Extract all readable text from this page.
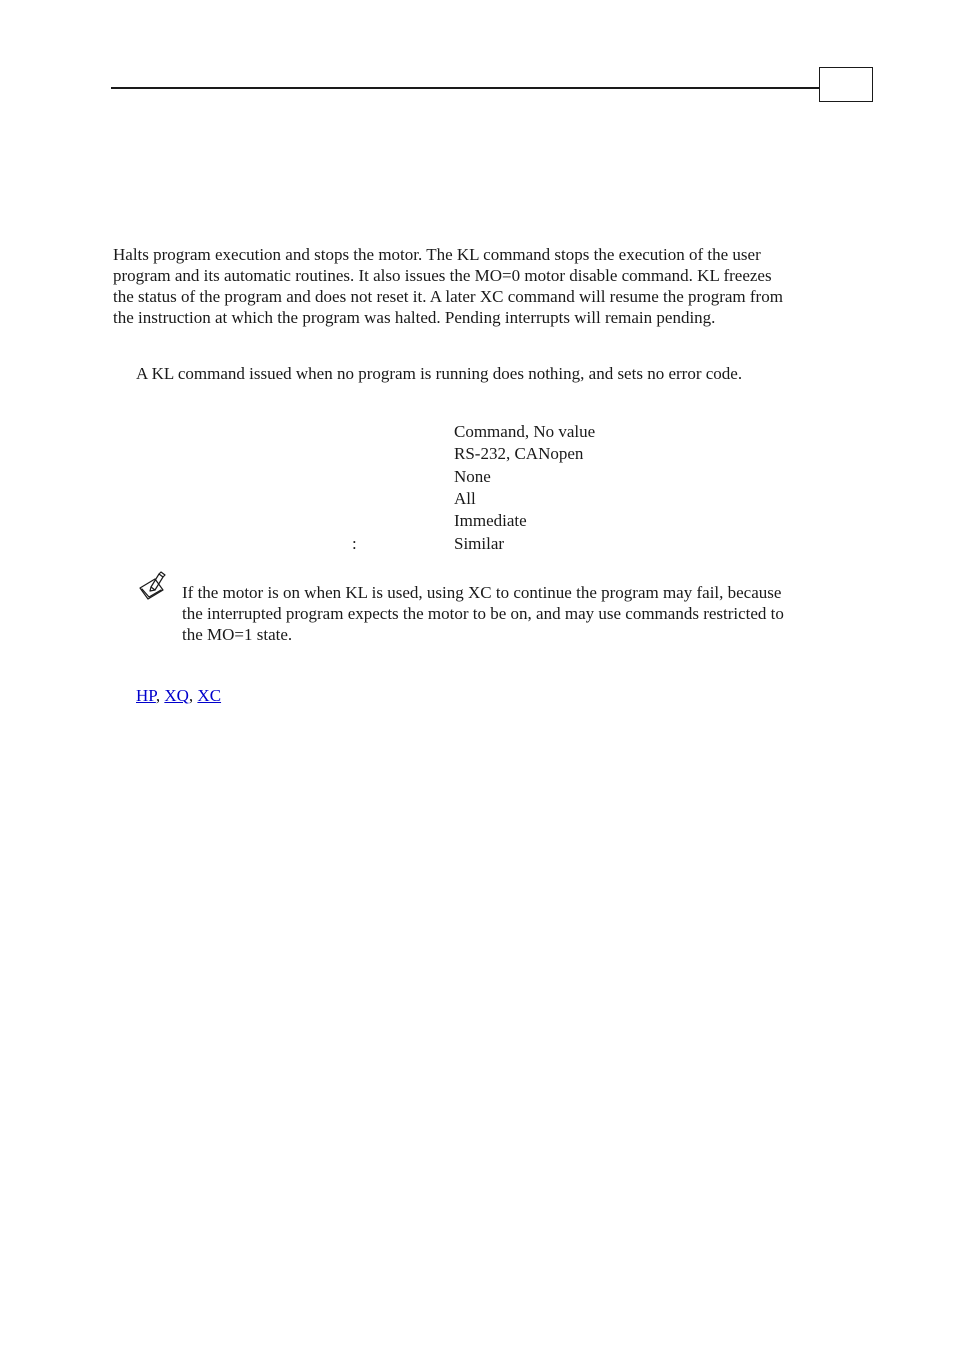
Halts program execution and stops the motor. The KL command stops the execution of the user program and its automatic routines. It also issues the MO=0 motor disable command. KL freezes the status of the program and does not reset it. A later XC command will resume the program from the instruction at which the program was halted. Pending interrupts will remain pending.

A KL command issued when no program is running does nothing, and sets no error code.

:
Command, No value
RS-232, CANopen
None
All
Immediate
Similar

If the motor is on when KL is used, using XC to continue the program may fail, because the interrupted program expects the motor to be on, and may use commands restricted to the MO=1 state.

HP, XQ, XC
